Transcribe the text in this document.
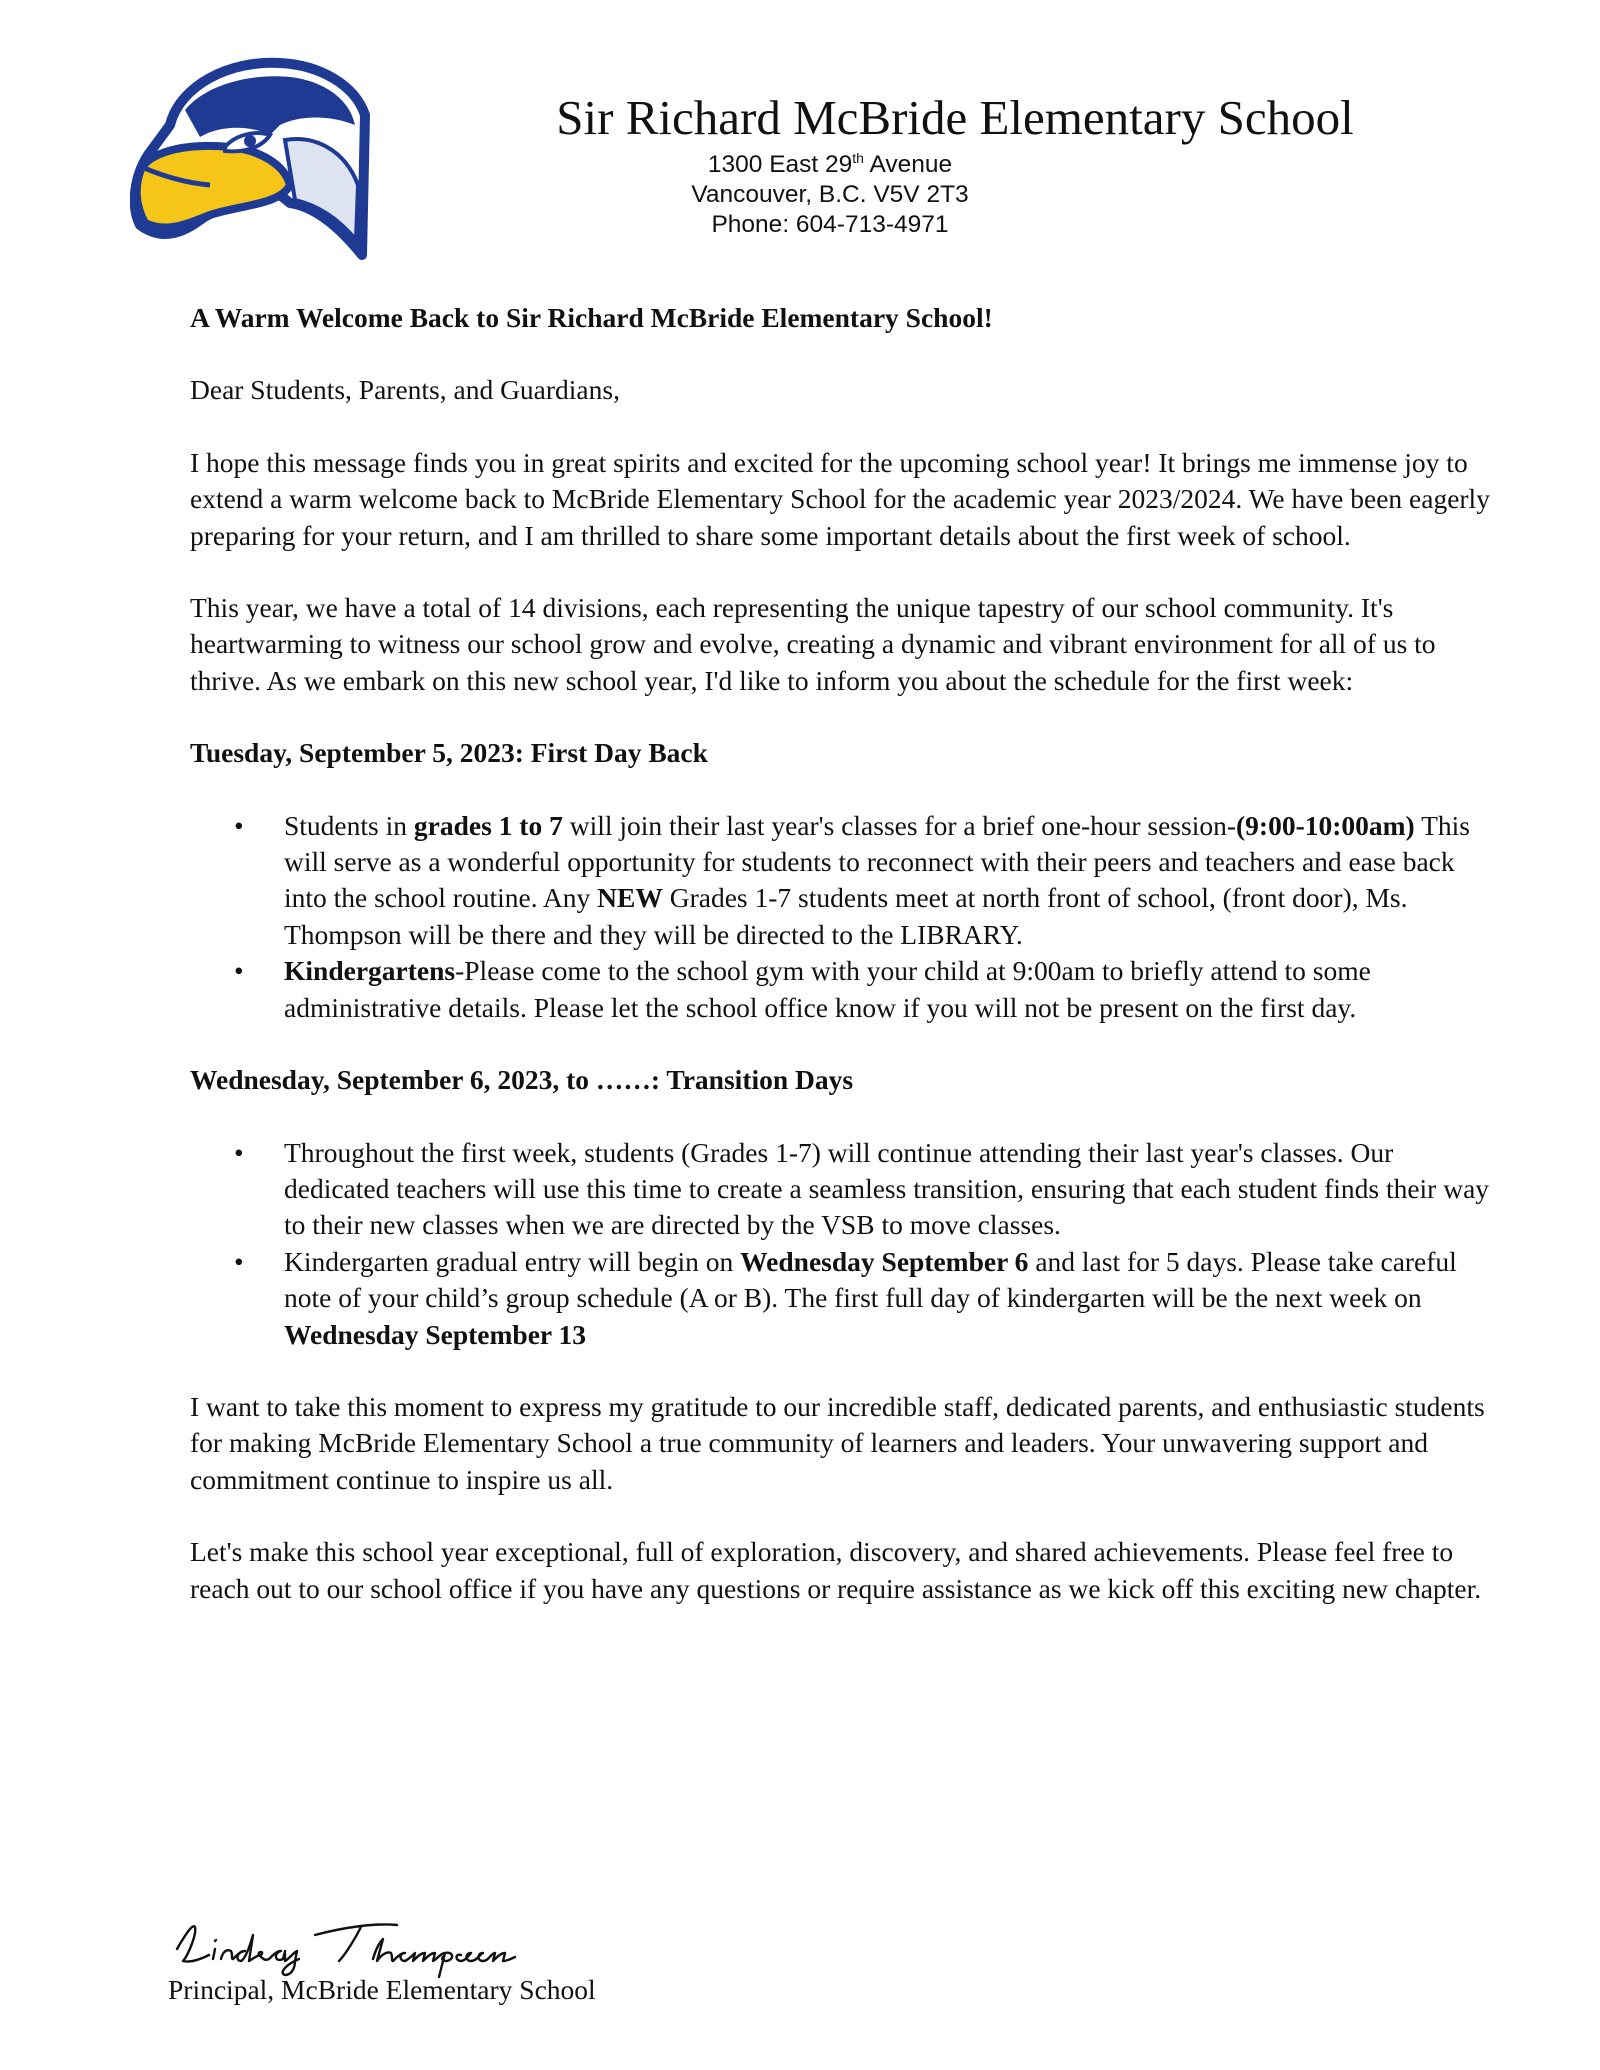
Sir Richard McBride Elementary School
1300 East 29th Avenue
Vancouver, B.C. V5V 2T3
Phone: 604-713-4971

A Warm Welcome Back to Sir Richard McBride Elementary School!

Dear Students, Parents, and Guardians,

I hope this message finds you in great spirits and excited for the upcoming school year! It brings me immense joy to extend a warm welcome back to McBride Elementary School for the academic year 2023/2024. We have been eagerly preparing for your return, and I am thrilled to share some important details about the first week of school.

This year, we have a total of 14 divisions, each representing the unique tapestry of our school community. It's heartwarming to witness our school grow and evolve, creating a dynamic and vibrant environment for all of us to thrive. As we embark on this new school year, I'd like to inform you about the schedule for the first week:

Tuesday, September 5, 2023: First Day Back

• Students in grades 1 to 7 will join their last year's classes for a brief one-hour session-(9:00-10:00am) This will serve as a wonderful opportunity for students to reconnect with their peers and teachers and ease back into the school routine. Any NEW Grades 1-7 students meet at north front of school, (front door), Ms. Thompson will be there and they will be directed to the LIBRARY.
• Kindergartens-Please come to the school gym with your child at 9:00am to briefly attend to some administrative details. Please let the school office know if you will not be present on the first day.

Wednesday, September 6, 2023, to ……: Transition Days

• Throughout the first week, students (Grades 1-7) will continue attending their last year's classes. Our dedicated teachers will use this time to create a seamless transition, ensuring that each student finds their way to their new classes when we are directed by the VSB to move classes.
• Kindergarten gradual entry will begin on Wednesday September 6 and last for 5 days. Please take careful note of your child’s group schedule (A or B). The first full day of kindergarten will be the next week on Wednesday September 13

I want to take this moment to express my gratitude to our incredible staff, dedicated parents, and enthusiastic students for making McBride Elementary School a true community of learners and leaders. Your unwavering support and commitment continue to inspire us all.

Let's make this school year exceptional, full of exploration, discovery, and shared achievements. Please feel free to reach out to our school office if you have any questions or require assistance as we kick off this exciting new chapter.

Principal, McBride Elementary School
